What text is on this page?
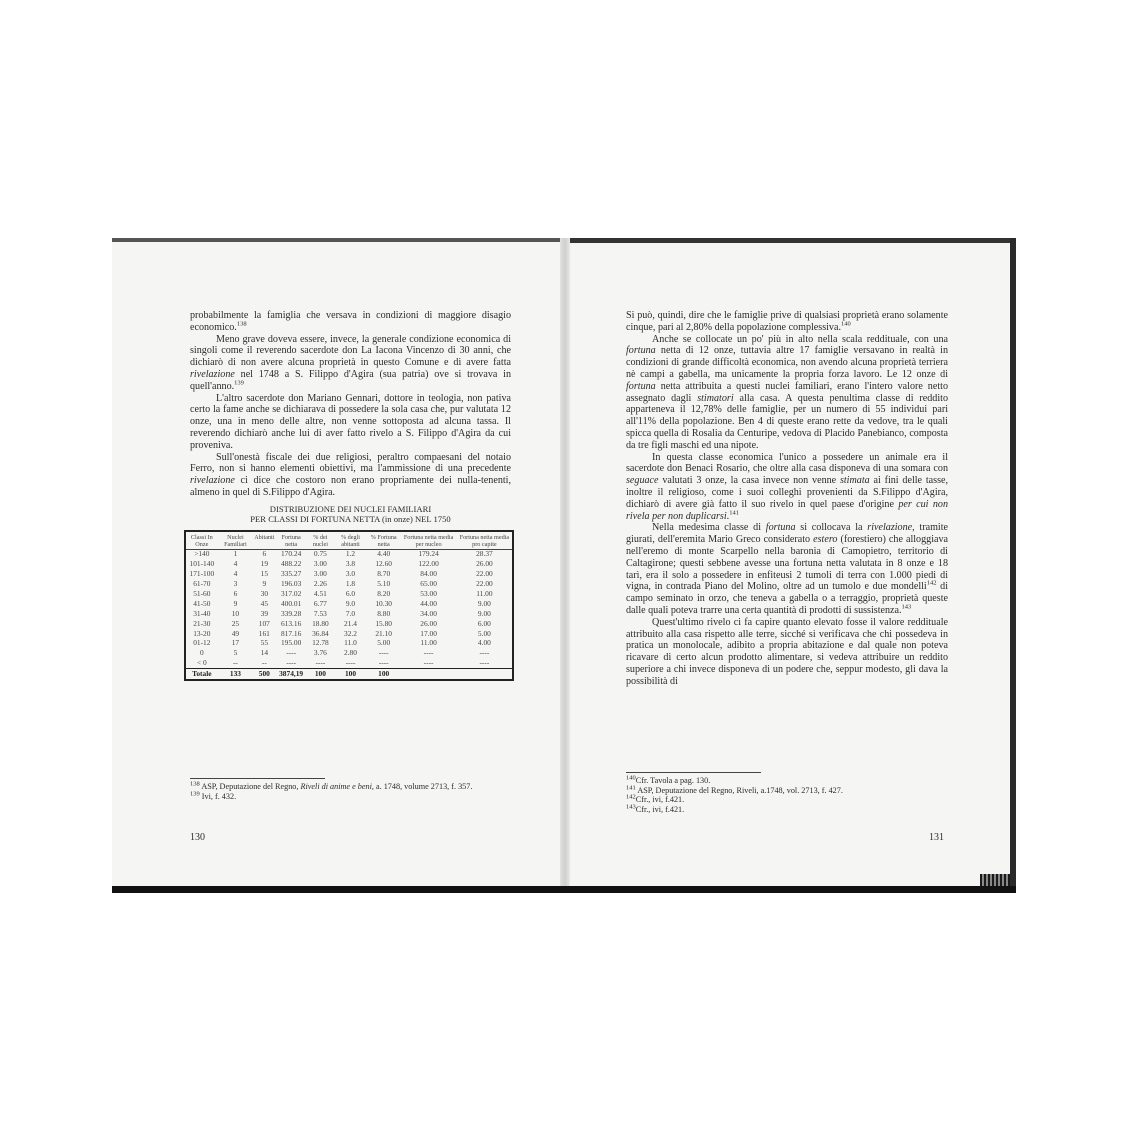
probabilmente la famiglia che versava in condizioni di maggiore disagio economico.$^{138}$

Meno grave doveva essere, invece, la generale condizione economica di singoli come il reverendo sacerdote don La Iacona Vincenzo di 30 anni, che dichiarò di non avere alcuna proprietà in questo Comune e di avere fatta rivelazione nel 1748 a S. Filippo d'Agira (sua patria) ove si trovava in quell'anno.$^{139}$

L'altro sacerdote don Mariano Gennari, dottore in teologia, non pativa certo la fame anche se dichiarava di possedere la sola casa che, pur valutata 12 onze, una in meno delle altre, non venne sottoposta ad alcuna tassa. Il reverendo dichiarò anche lui di aver fatto rivelo a S. Filippo d'Agira da cui proveniva.

Sull'onestà fiscale dei due religiosi, peraltro compaesani del notaio Ferro, non si hanno elementi obiettivi, ma l'ammissione di una precedente rivelazione ci dice che costoro non erano propriamente dei nulla-tenenti, almeno in quel di S.Filippo d'Agira.

DISTRIBUZIONE DEI NUCLEI FAMILIARI
PER CLASSI DI FORTUNA NETTA (in onze) NEL 1750
Classi In Onze	Nuclei Familiari	Abitanti	Fortuna netta	% dei nuclei	% degli abitanti	% Fortuna netta	Fortuna netta media per nucleo	Fortuna netta media pro capite
>140	1	6	170.24	0.75	1.2	4.40	179.24	28.37
101-140	4	19	488.22	3.00	3.8	12.60	122.00	26.00
171-100	4	15	335.27	3.00	3.0	8.70	84.00	22.00
61-70	3	9	196.03	2.26	1.8	5.10	65.00	22.00
51-60	6	30	317.02	4.51	6.0	8.20	53.00	11.00
41-50	9	45	400.01	6.77	9.0	10.30	44.00	9.00
31-40	10	39	339.28	7.53	7.0	8.80	34.00	9.00
21-30	25	107	613.16	18.80	21.4	15.80	26.00	6.00
13-20	49	161	817.16	36.84	32.2	21.10	17.00	5.00
01-12	17	55	195.00	12.78	11.0	5.00	11.00	4.00
0	5	14	----	3.76	2.80	----	----	----
< 0	--	--	----	----	----	----	----	----
Totale	133	500	3874,19	100	100	100		
$^{138}$ ASP, Deputazione del Regno, Riveli di anime e beni, a. 1748, volume 2713, f. 357.
$^{139}$ Ivi, f. 432.
130

Si può, quindi, dire che le famiglie prive di qualsiasi proprietà erano solamente cinque, pari al 2,80% della popolazione complessiva.$^{140}$

Anche se collocate un po' più in alto nella scala reddituale, con una fortuna netta di 12 onze, tuttavia altre 17 famiglie versavano in realtà in condizioni di grande difficoltà economica, non avendo alcuna proprietà terriera nè campi a gabella, ma unicamente la propria forza lavoro. Le 12 onze di fortuna netta attribuita a questi nuclei familiari, erano l'intero valore netto assegnato dagli stimatori alla casa. A questa penultima classe di reddito apparteneva il 12,78% delle famiglie, per un numero di 55 individui pari all'11% della popolazione. Ben 4 di queste erano rette da vedove, tra le quali spicca quella di Rosalia da Centuripe, vedova di Placido Panebianco, composta da tre figli maschi ed una nipote.

In questa classe economica l'unico a possedere un animale era il sacerdote don Benaci Rosario, che oltre alla casa disponeva di una somara con seguace valutati 3 onze, la casa invece non venne stimata ai fini delle tasse, inoltre il religioso, come i suoi colleghi provenienti da S.Filippo d'Agira, dichiarò di avere già fatto il suo rivelo in quel paese d'origine per cui non rivela per non duplicarsi.$^{141}$

Nella medesima classe di fortuna si collocava la rivelazione, tramite giurati, dell'eremita Mario Greco considerato estero (forestiero) che alloggiava nell'eremo di monte Scarpello nella baronia di Camopietro, territorio di Caltagirone; questi sebbene avesse una fortuna netta valutata in 8 onze e 18 tarì, era il solo a possedere in enfiteusi 2 tumoli di terra con 1.000 piedi di vigna, in contrada Piano del Molino, oltre ad un tumolo e due mondelli$^{142}$ di campo seminato in orzo, che teneva a gabella o a terraggio, proprietà queste dalle quali poteva trarre una certa quantità di prodotti di sussistenza.$^{143}$

Quest'ultimo rivelo ci fa capire quanto elevato fosse il valore reddituale attribuito alla casa rispetto alle terre, sicché si verificava che chi possedeva in pratica un monolocale, adibito a propria abitazione e dal quale non poteva ricavare di certo alcun prodotto alimentare, si vedeva attribuire un reddito superiore a chi invece disponeva di un podere che, seppur modesto, gli dava la possibilità di

$^{140}$Cfr. Tavola a pag. 130.
$^{141}$ ASP, Deputazione del Regno, Riveli, a.1748, vol. 2713, f. 427.
$^{142}$Cfr., ivi, f.421.
$^{143}$Cfr., ivi, f.421.
131
